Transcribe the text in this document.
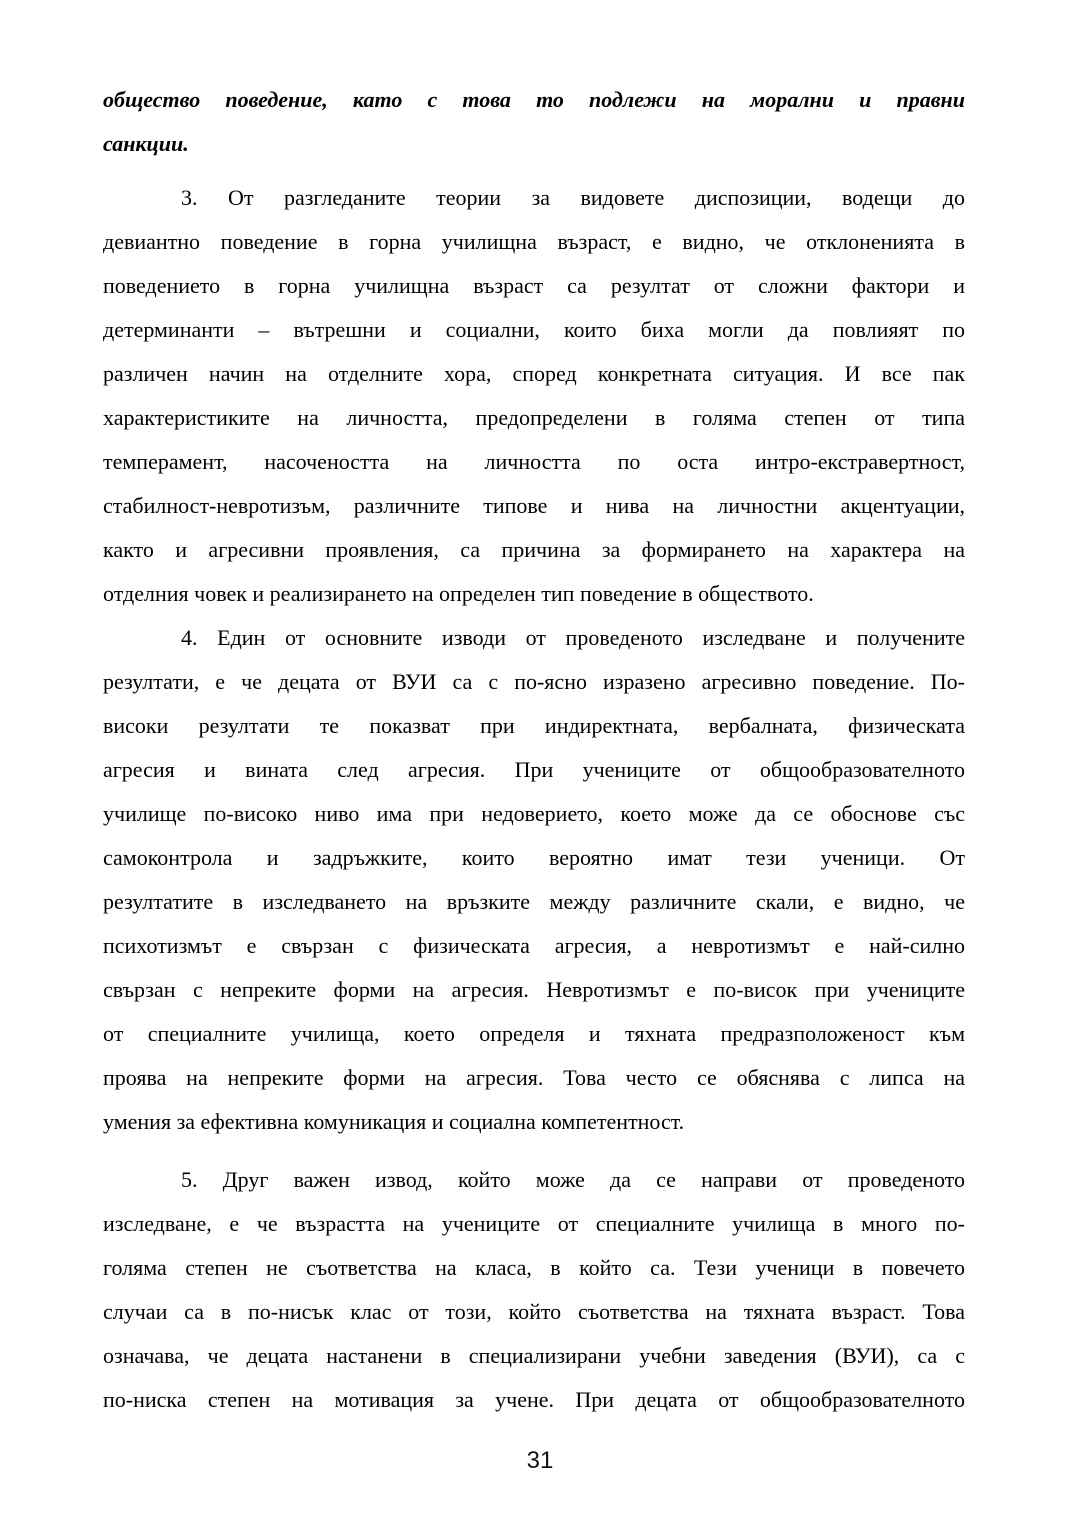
общество поведение, като с това то подлежи на морални и правни
санкции.
3. От разгледаните теории за видовете диспозиции, водещи до
девиантно поведение в горна училищна възраст, е видно, че отклоненията в
поведението в горна училищна възраст са резултат от сложни фактори и
детерминанти – вътрешни и социални, които биха могли да повлияят по
различен начин на отделните хора, според конкретната ситуация. И все пак
характеристиките на личността, предопределени в голяма степен от типа
темперамент, насочеността на личността по оста интро-екстравертност,
стабилност-невротизъм, различните типове и нива на личностни акцентуации,
както и агресивни проявления, са причина за формирането на характера на
отделния човек и реализирането на определен тип поведение в обществото.
4. Един от основните изводи от проведеното изследване и получените
резултати, е че децата от ВУИ са с по-ясно изразено агресивно поведение. По-
високи резултати те показват при индиректната, вербалната, физическата
агресия и вината след агресия. При учениците от общообразователното
училище по-високо ниво има при недоверието, което може да се обоснове със
самоконтрола и задръжките, които вероятно имат тези ученици. От
резултатите в изследването на връзките между различните скали, е видно, че
психотизмът е свързан с физическата агресия, а невротизмът е най-силно
свързан с непреките форми на агресия. Невротизмът е по-висок при учениците
от специалните училища, което определя и тяхната предразположеност към
проява на непреките форми на агресия. Това често се обяснява с липса на
умения за ефективна комуникация и социална компетентност.
5. Друг важен извод, който може да се направи от проведеното
изследване, е че възрастта на учениците от специалните училища в много по-
голяма степен не съответства на класа, в който са. Тези ученици в повечето
случаи са в по-нисък клас от този, който съответства на тяхната възраст. Това
означава, че децата настанени в специализирани учебни заведения (ВУИ), са с
по-ниска степен на мотивация за учене. При децата от общообразователното
31
